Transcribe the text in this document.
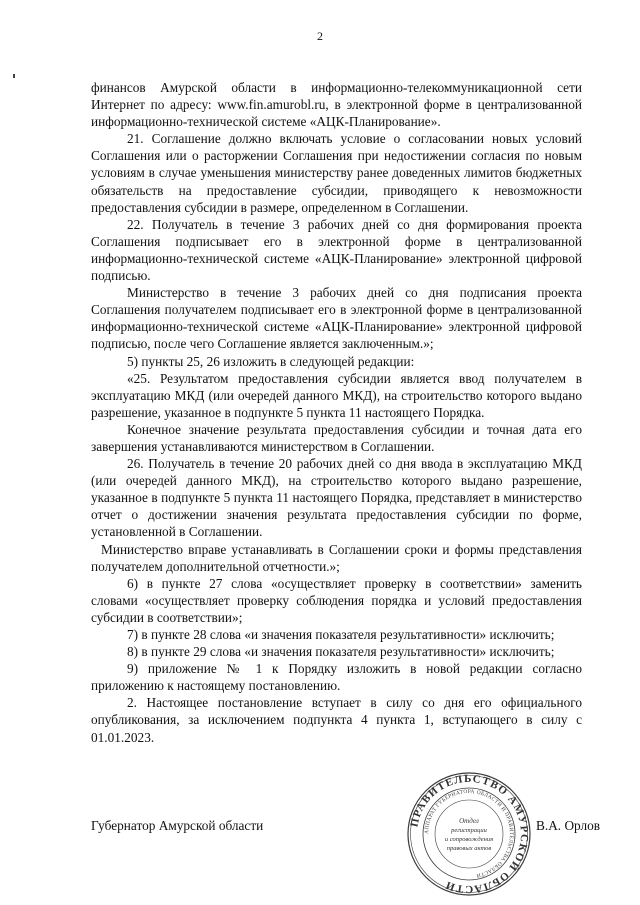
2

финансов Амурской области в информационно-телекоммуникационной сети Интернет по адресу: www.fin.amurobl.ru, в электронной форме в централизованной информационно-технической системе «АЦК-Планирование».

21. Соглашение должно включать условие о согласовании новых условий Соглашения или о расторжении Соглашения при недостижении согласия по новым условиям в случае уменьшения министерству ранее доведенных лимитов бюджетных обязательств на предоставление субсидии, приводящего к невозможности предоставления субсидии в размере, определенном в Соглашении.

22. Получатель в течение 3 рабочих дней со дня формирования проекта Соглашения подписывает его в электронной форме в централизованной информационно-технической системе «АЦК-Планирование» электронной цифровой подписью.

Министерство в течение 3 рабочих дней со дня подписания проекта Соглашения получателем подписывает его в электронной форме в централизованной информационно-технической системе «АЦК-Планирование» электронной цифровой подписью, после чего Соглашение является заключенным.»;

5) пункты 25, 26 изложить в следующей редакции:

«25. Результатом предоставления субсидии является ввод получателем в эксплуатацию МКД (или очередей данного МКД), на строительство которого выдано разрешение, указанное в подпункте 5 пункта 11 настоящего Порядка.

Конечное значение результата предоставления субсидии и точная дата его завершения устанавливаются министерством в Соглашении.

26. Получатель в течение 20 рабочих дней со дня ввода в эксплуатацию МКД (или очередей данного МКД), на строительство которого выдано разрешение, указанное в подпункте 5 пункта 11 настоящего Порядка, представляет в министерство отчет о достижении значения результата предоставления субсидии по форме, установленной в Соглашении.

Министерство вправе устанавливать в Соглашении сроки и формы представления получателем дополнительной отчетности.»;

6) в пункте 27 слова «осуществляет проверку в соответствии» заменить словами «осуществляет проверку соблюдения порядка и условий предоставления субсидии в соответствии»;

7) в пункте 28 слова «и значения показателя результативности» исключить;

8) в пункте 29 слова «и значения показателя результативности» исключить;

9) приложение № 1 к Порядку изложить в новой редакции согласно приложению к настоящему постановлению.

2. Настоящее постановление вступает в силу со дня его официального опубликования, за исключением подпункта 4 пункта 1, вступающего в силу с 01.01.2023.

Губернатор Амурской области	ПРАВИТЕЛЬСТВО АМУРСКОЙ ОБЛАСТИ
АППАРАТ ГУБЕРНАТОРА ОБЛАСТИ И ПРАВИТЕЛЬСТВА ОБЛАСТИ
Отдел
регистрации
и сопровождения
правовых актов
В.А. Орлов
